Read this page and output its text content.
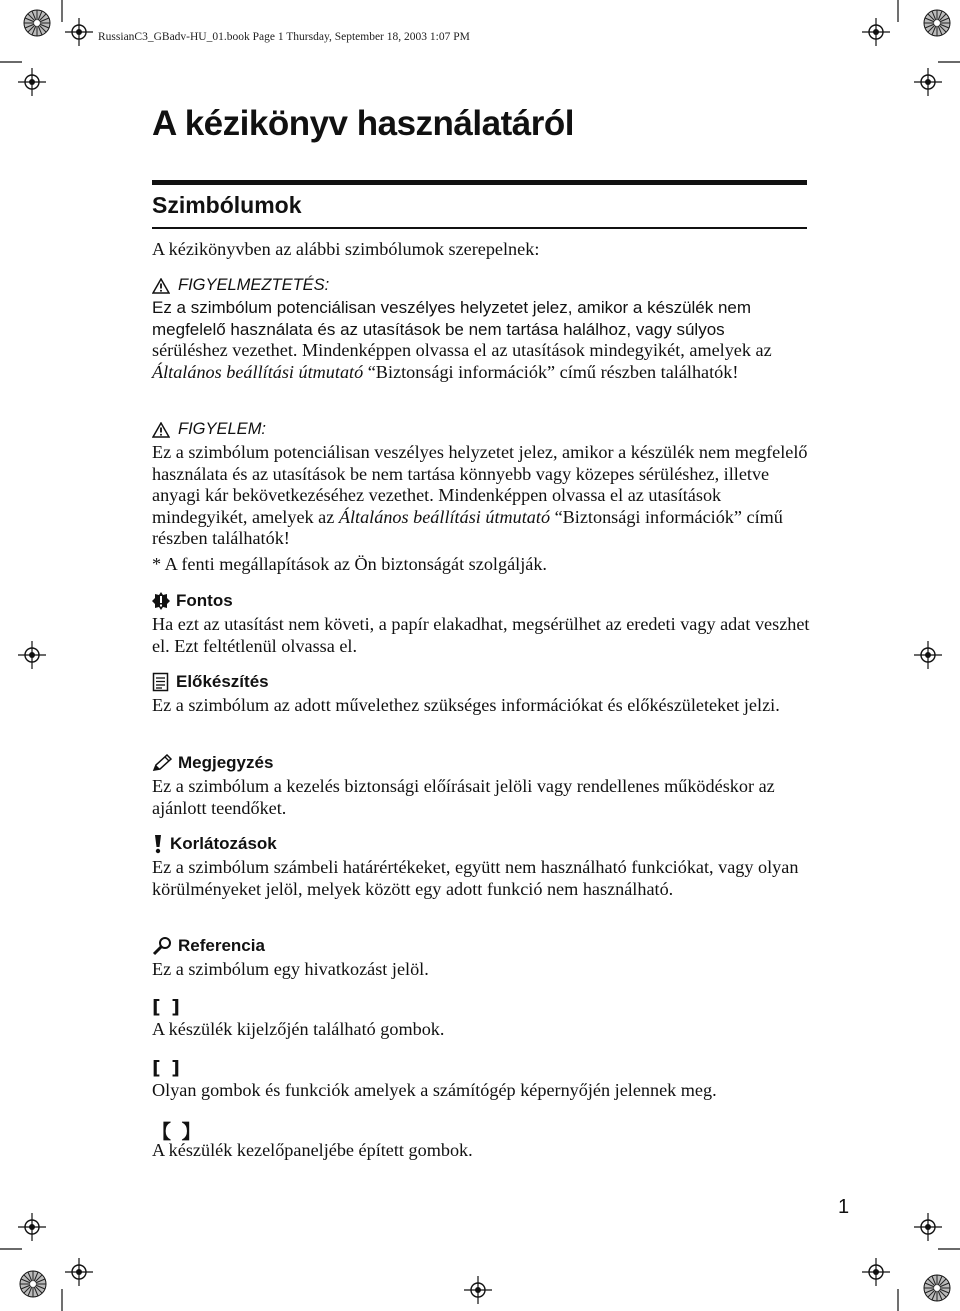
RussianC3_GBadv-HU_01.book Page 1 Thursday, September 18, 2003 1:07 PM
A kézikönyv használatáról
Szimbólumok
A kézikönyvben az alábbi szimbólumok szerepelnek:
FIGYELMEZTETÉS:
Ez a szimbólum potenciálisan veszélyes helyzetet jelez, amikor a készülék nem megfelelő használata és az utasítások be nem tartása halálhoz, vagy súlyos
sérüléshez vezethet. Mindenképpen olvassa el az utasítások mindegyikét, amelyek az Általános beállítási útmutató “Biztonsági információk” című részben találhatók!
FIGYELEM:
Ez a szimbólum potenciálisan veszélyes helyzetet jelez, amikor a készülék nem megfelelő használata és az utasítások be nem tartása könnyebb vagy közepes sérüléshez, illetve anyagi kár bekövetkezéséhez vezethet. Mindenképpen olvassa el az utasítások mindegyikét, amelyek az Általános beállítási útmutató “Biztonsági információk” című részben találhatók!
* A fenti megállapítások az Ön biztonságát szolgálják.
Fontos
Ha ezt az utasítást nem követi, a papír elakadhat, megsérülhet az eredeti vagy adat veszhet el. Ezt feltétlenül olvassa el.
Előkészítés
Ez a szimbólum az adott művelethez szükséges információkat és előkészületeket jelzi.
Megjegyzés
Ez a szimbólum a kezelés biztonsági előírásait jelöli vagy rendellenes működéskor az ajánlott teendőket.
Korlátozások
Ez a szimbólum számbeli határértékeket, együtt nem használható funkciókat, vagy olyan körülményeket jelöl, melyek között egy adott funkció nem használható.
Referencia
Ez a szimbólum egy hivatkozást jelöl.
[ ]
A készülék kijelzőjén található gombok.
[ ]
Olyan gombok és funkciók amelyek a számítógép képernyőjén jelennek meg.
【 】
A készülék kezelőpaneljébe épített gombok.
1
